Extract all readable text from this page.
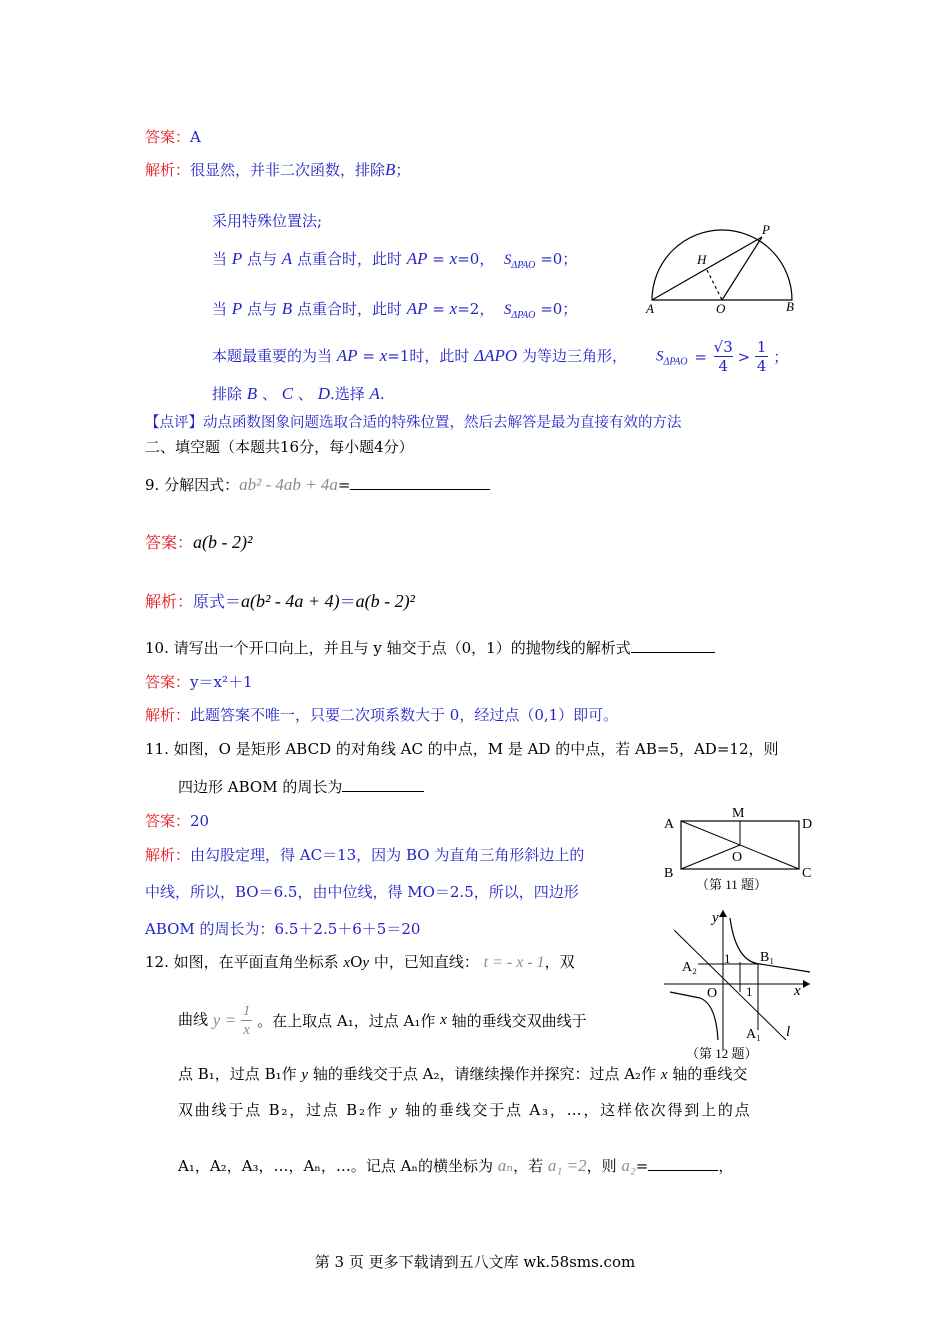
答案：A
解析：很显然，并非二次函数，排除B；
采用特殊位置法;
当 P 点与 A 点重合时，此时 AP = x=0， $S_{\Delta PAO} =0$；
当 P 点与 B 点重合时，此时 AP = x=2， $S_{\Delta PAO} =0$；
本题最重要的为当 AP = x=1时，此时 ΔAPO 为等边三角形， $S_{\Delta PAO} = \frac{√3}{4} > \frac{1}{4}$ ；
排除 B 、 C 、 D.选择 A.
【点评】动点函数图象问题选取合适的特殊位置，然后去解答是最为直接有效的方法
P
H
A	O	B
二、填空题（本题共16分，每小题4分）
9. 分解因式：ab² - 4ab + 4a=
答案：a(b - 2)²
解析：原式＝a(b² - 4a + 4)＝a(b - 2)²
10. 请写出一个开口向上，并且与 y 轴交于点（0，1）的抛物线的解析式
答案：y＝x²＋1
解析：此题答案不唯一，只要二次项系数大于 0，经过点（0,1）即可。
11. 如图，O 是矩形 ABCD 的对角线 AC 的中点，M 是 AD 的中点，若 AB=5，AD=12，则
四边形 ABOM 的周长为
答案：20
解析：由勾股定理，得 AC＝13，因为 BO 为直角三角形斜边上的
中线，所以，BO＝6.5，由中位线，得 MO＝2.5，所以，四边形
ABOM 的周长为：6.5＋2.5＋6＋5＝20
A
M
D
O
B	C
（第 11 题）
12. 如图，在平面直角坐标系 xOy 中，已知直线： t = - x - 1，双
曲线 $y = \frac{1}{x}$ 。在上取点 A₁，过点 A₁作 x 轴的垂线交双曲线于
点 B₁，过点 B₁作 y 轴的垂线交于点 A₂，请继续操作并探究：过点 A₂作 x 轴的垂线交
双曲线于点 B₂，过点 B₂作 y 轴的垂线交于点 A₃，…，这样依次得到上的点
A₁，A₂，A₃，…，Aₙ，…。记点 Aₙ的横坐标为 aₙ，若 a₁ =2，则 a₂=	，
y
B₁
A₂
1
1
O	x
A₁ l
（第 12 题）
第 3 页 更多下载请到五八文库 wk.58sms.com
